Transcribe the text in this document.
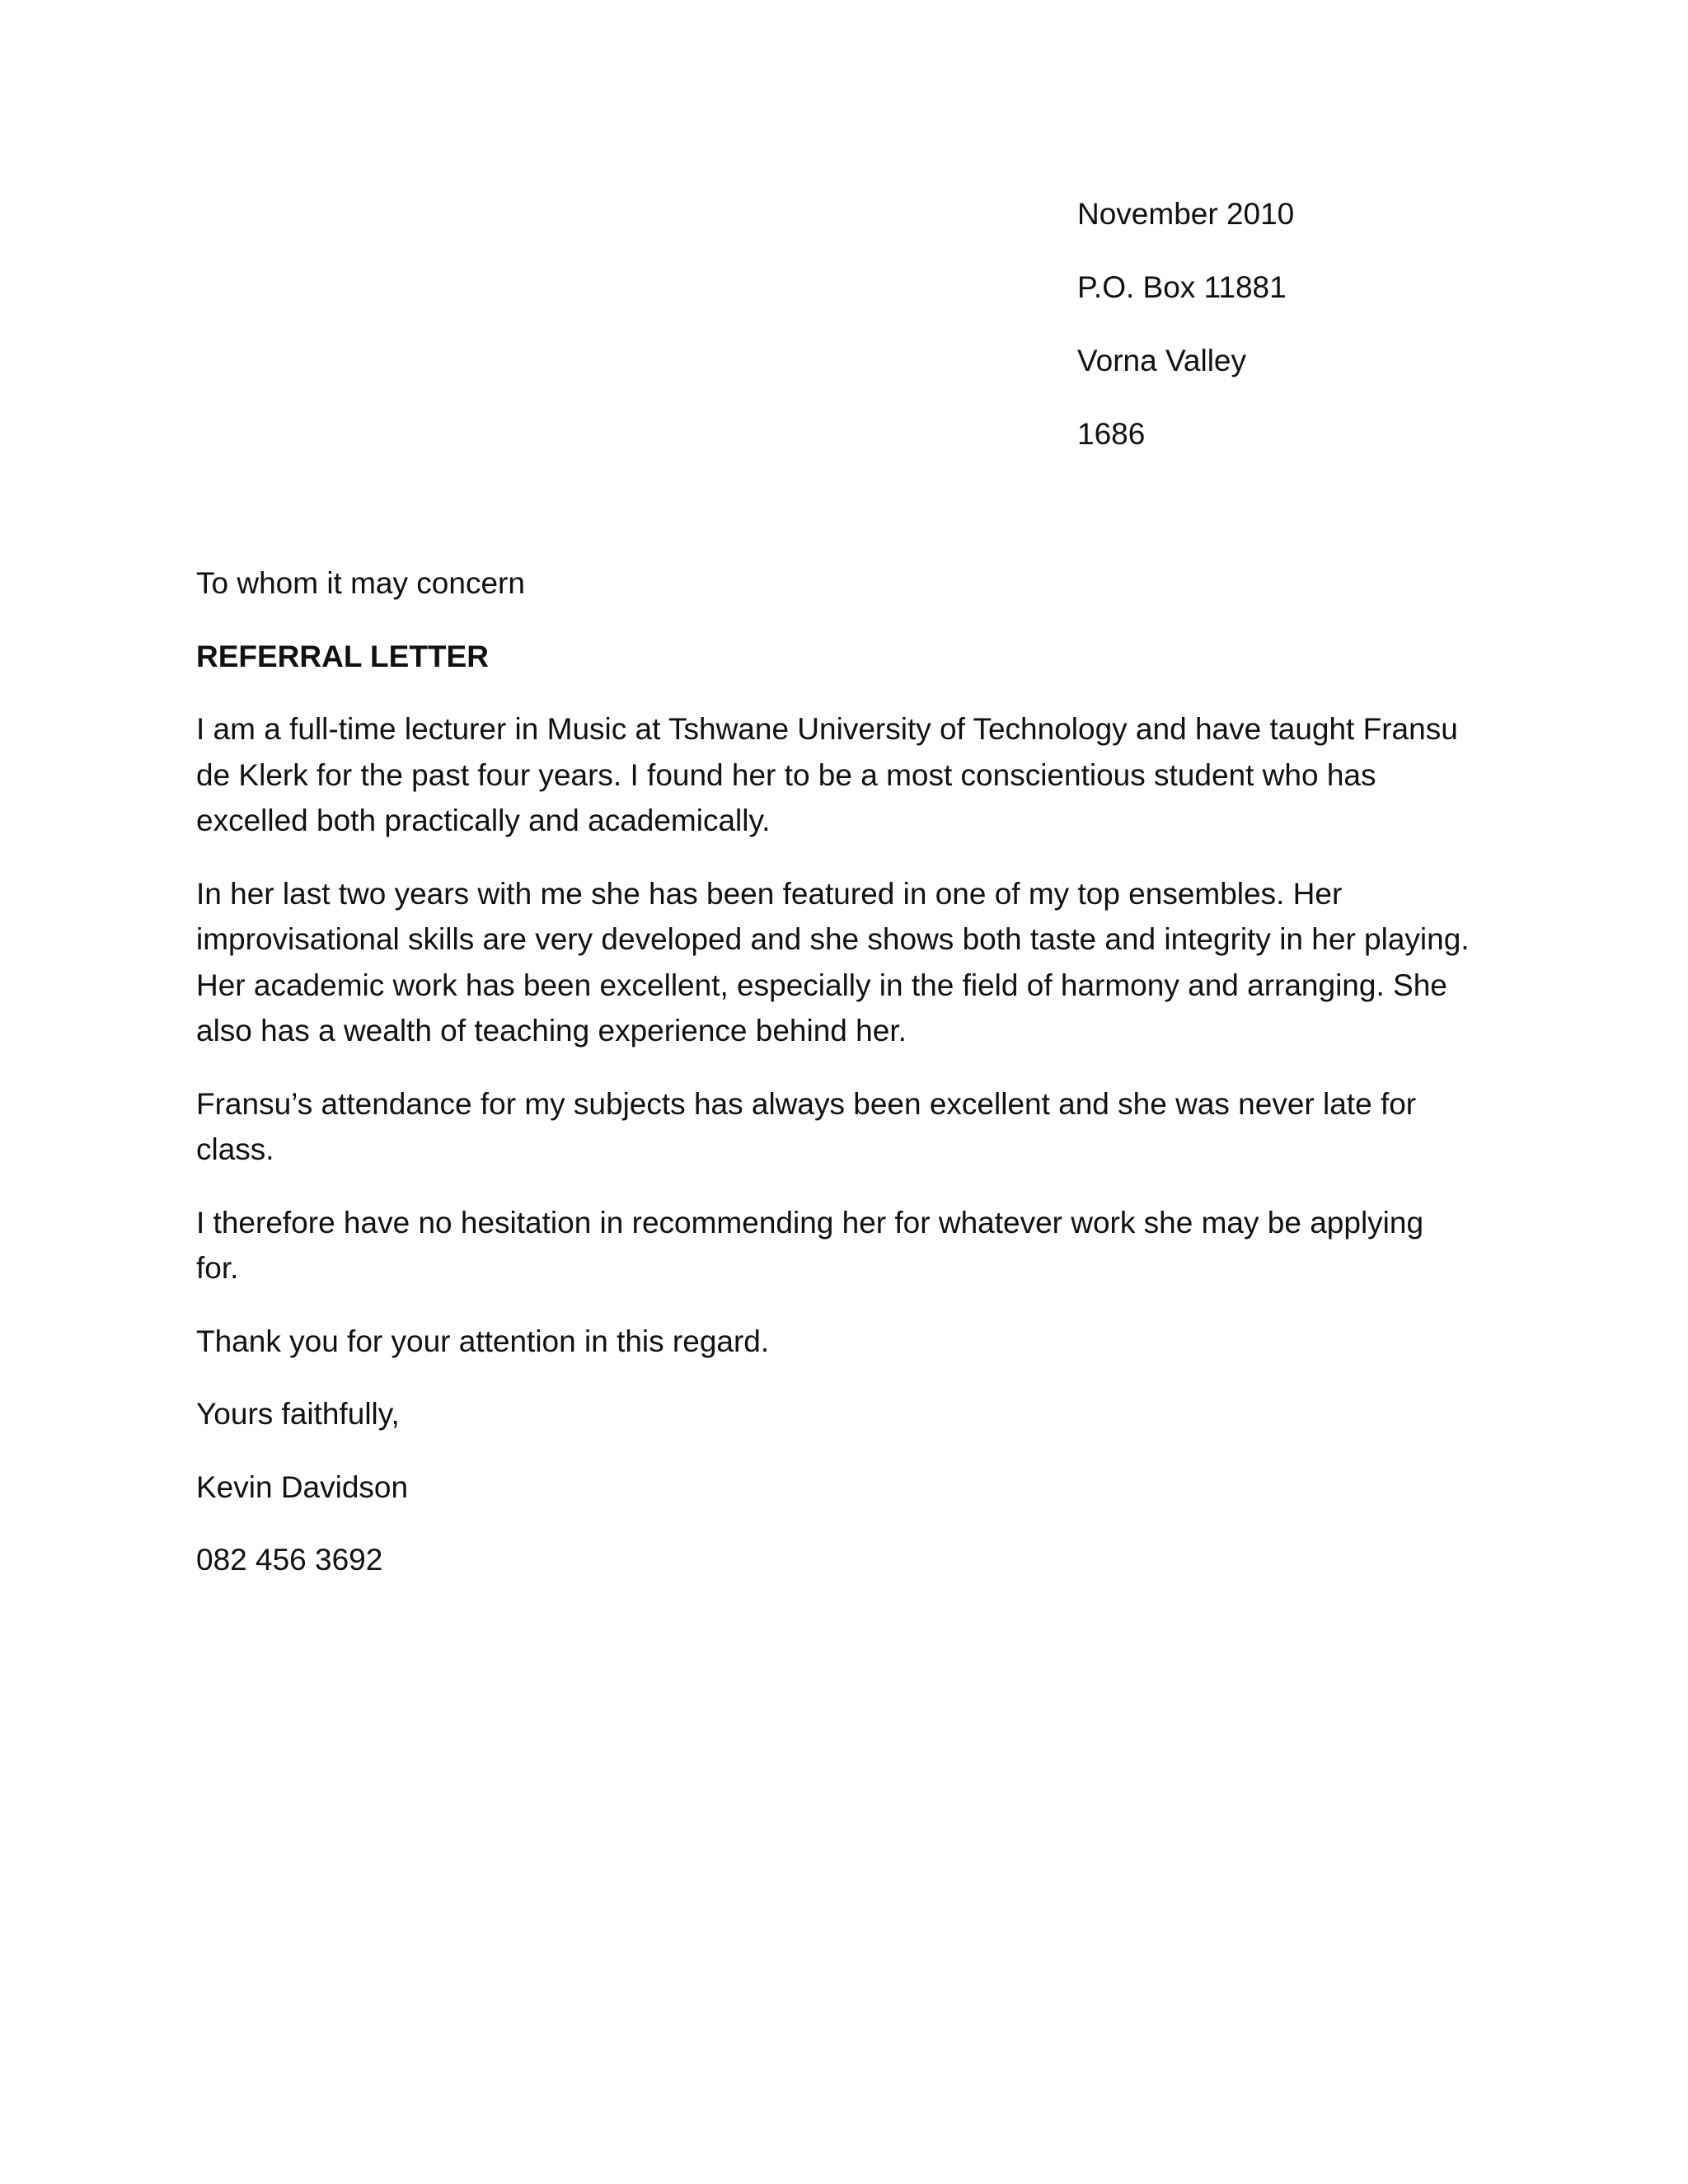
November 2010
P.O. Box 11881
Vorna Valley
1686
To whom it may concern
REFERRAL LETTER

I am a full-time lecturer in Music at Tshwane University of Technology and have taught Fransu

de Klerk for the past four years. I found her to be a most conscientious student who has

excelled both practically and academically.

In her last two years with me she has been featured in one of my top ensembles. Her

improvisational skills are very developed and she shows both taste and integrity in her playing.

Her academic work has been excellent, especially in the field of harmony and arranging. She

also has a wealth of teaching experience behind her.

Fransu’s attendance for my subjects has always been excellent and she was never late for class.

I therefore have no hesitation in recommending her for whatever work she may be applying

for.

Thank you for your attention in this regard.

Yours faithfully,
Kevin Davidson
082 456 3692
